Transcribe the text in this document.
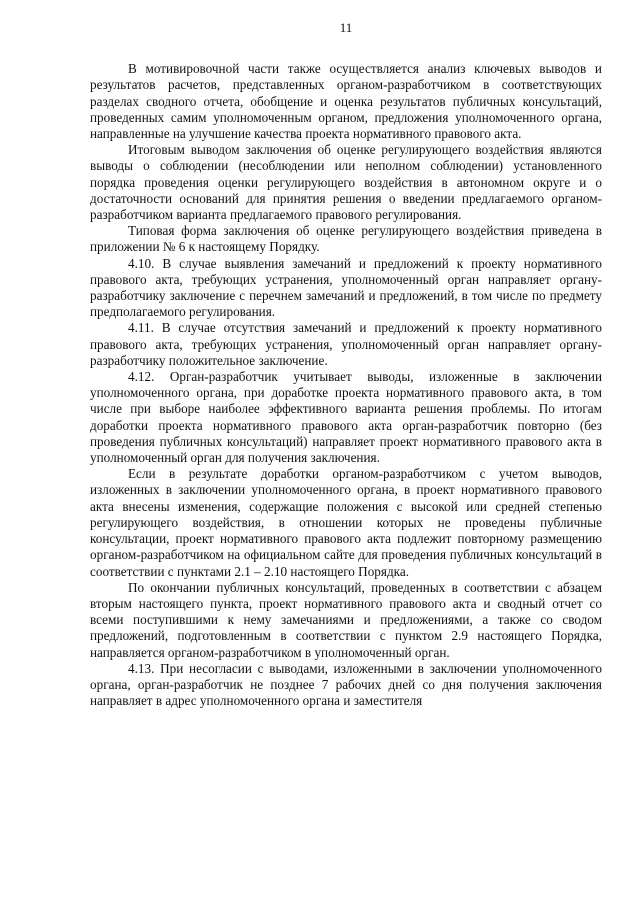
11

В мотивировочной части также осуществляется анализ ключевых выводов и результатов расчетов, представленных органом-разработчиком в соответствующих разделах сводного отчета, обобщение и оценка результатов публичных консультаций, проведенных самим уполномоченным органом, предложения уполномоченного органа, направленные на улучшение качества проекта нормативного правового акта.

Итоговым выводом заключения об оценке регулирующего воздействия являются выводы о соблюдении (несоблюдении или неполном соблюдении) установленного порядка проведения оценки регулирующего воздействия в автономном округе и о достаточности оснований для принятия решения о введении предлагаемого органом-разработчиком варианта предлагаемого правового регулирования.

Типовая форма заключения об оценке регулирующего воздействия приведена в приложении № 6 к настоящему Порядку.

4.10. В случае выявления замечаний и предложений к проекту нормативного правового акта, требующих устранения, уполномоченный орган направляет органу-разработчику заключение с перечнем замечаний и предложений, в том числе по предмету предполагаемого регулирования.

4.11. В случае отсутствия замечаний и предложений к проекту нормативного правового акта, требующих устранения, уполномоченный орган направляет органу-разработчику положительное заключение.

4.12. Орган-разработчик учитывает выводы, изложенные в заключении уполномоченного органа, при доработке проекта нормативного правового акта, в том числе при выборе наиболее эффективного варианта решения проблемы. По итогам доработки проекта нормативного правового акта орган-разработчик повторно (без проведения публичных консультаций) направляет проект нормативного правового акта в уполномоченный орган для получения заключения.

Если в результате доработки органом-разработчиком с учетом выводов, изложенных в заключении уполномоченного органа, в проект нормативного правового акта внесены изменения, содержащие положения с высокой или средней степенью регулирующего воздействия, в отношении которых не проведены публичные консультации, проект нормативного правового акта подлежит повторному размещению органом-разработчиком на официальном сайте для проведения публичных консультаций в соответствии с пунктами 2.1 – 2.10 настоящего Порядка.

По окончании публичных консультаций, проведенных в соответствии с абзацем вторым настоящего пункта, проект нормативного правового акта и сводный отчет со всеми поступившими к нему замечаниями и предложениями, а также со сводом предложений, подготовленным в соответствии с пунктом 2.9 настоящего Порядка, направляется органом-разработчиком в уполномоченный орган.

4.13. При несогласии с выводами, изложенными в заключении уполномоченного органа, орган-разработчик не позднее 7 рабочих дней со дня получения заключения направляет в адрес уполномоченного органа и заместителя
